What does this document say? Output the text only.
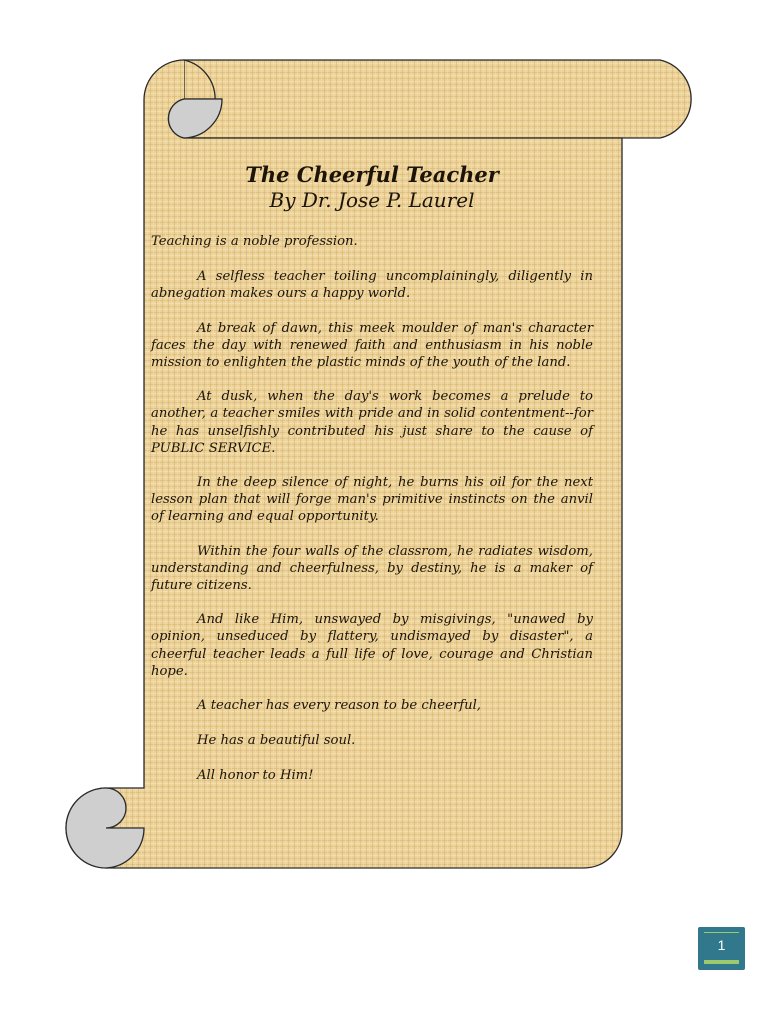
The Cheerful Teacher
By Dr. Jose P. Laurel

Teaching is a noble profession.

A selfless teacher toiling uncomplainingly, diligently in abnegation makes ours a happy world.

At break of dawn, this meek moulder of man's character faces the day with renewed faith and enthusiasm in his noble mission to enlighten the plastic minds of the youth of the land.

At dusk, when the day's work becomes a prelude to another, a teacher smiles with pride and in solid contentment--for he has unselfishly contributed his just share to the cause of PUBLIC SERVICE.

In the deep silence of night, he burns his oil for the next lesson plan that will forge man's primitive instincts on the anvil of learning and equal opportunity.

Within the four walls of the classrom, he radiates wisdom, understanding and cheerfulness, by destiny, he is a maker of future citizens.

And like Him, unswayed by misgivings, "unawed by opinion, unseduced by flattery, undismayed by disaster", a cheerful teacher leads a full life of love, courage and Christian hope.

A teacher has every reason to be cheerful,

He has a beautiful soul.

All honor to Him!

1
